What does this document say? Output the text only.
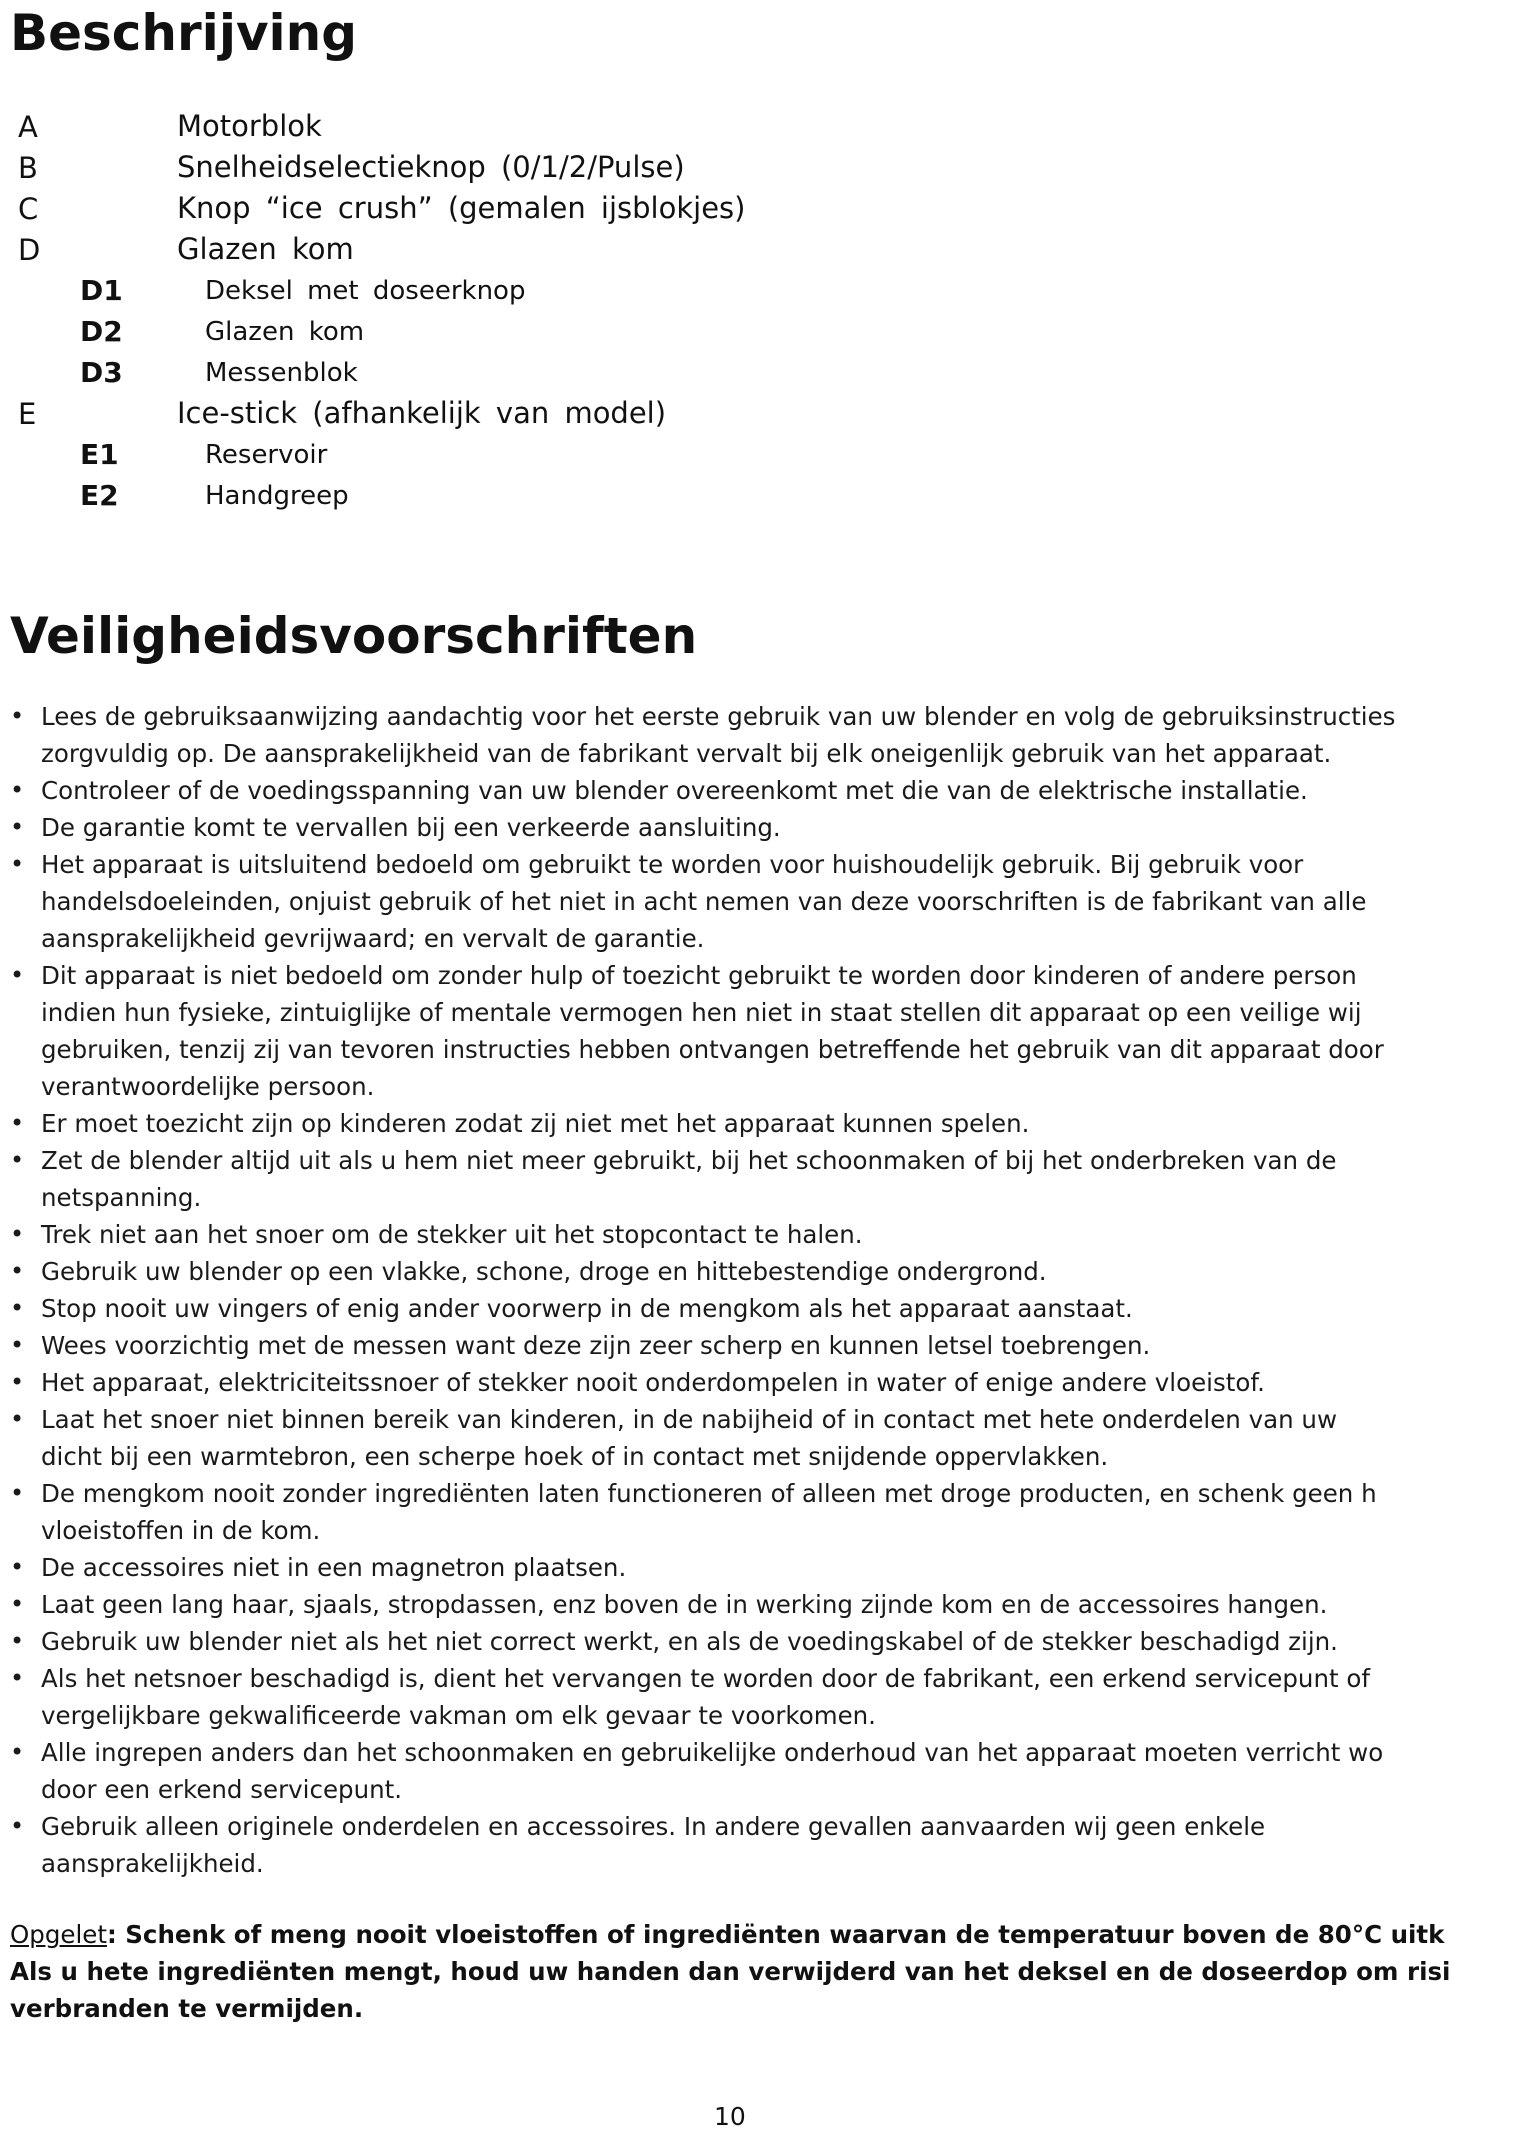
Beschrijving
A	Motorblok
B	Snelheidselectieknop (0/1/2/Pulse)
C	Knop “ice crush” (gemalen ijsblokjes)
D	Glazen kom
D1	Deksel met doseerknop
D2	Glazen kom
D3	Messenblok
E	Ice-stick (afhankelijk van model)
E1	Reservoir
E2	Handgreep
Veiligheidsvoorschriften
• Lees de gebruiksaanwijzing aandachtig voor het eerste gebruik van uw blender en volg de gebruiksinstructies
zorgvuldig op. De aansprakelijkheid van de fabrikant vervalt bij elk oneigenlijk gebruik van het apparaat.
• Controleer of de voedingsspanning van uw blender overeenkomt met die van de elektrische installatie.
• De garantie komt te vervallen bij een verkeerde aansluiting.
• Het apparaat is uitsluitend bedoeld om gebruikt te worden voor huishoudelijk gebruik. Bij gebruik voor
handelsdoeleinden, onjuist gebruik of het niet in acht nemen van deze voorschriften is de fabrikant van alle
aansprakelijkheid gevrijwaard; en vervalt de garantie.
• Dit apparaat is niet bedoeld om zonder hulp of toezicht gebruikt te worden door kinderen of andere person
indien hun fysieke, zintuiglijke of mentale vermogen hen niet in staat stellen dit apparaat op een veilige wij
gebruiken, tenzij zij van tevoren instructies hebben ontvangen betreffende het gebruik van dit apparaat door
verantwoordelijke persoon.
• Er moet toezicht zijn op kinderen zodat zij niet met het apparaat kunnen spelen.
• Zet de blender altijd uit als u hem niet meer gebruikt, bij het schoonmaken of bij het onderbreken van de
netspanning.
• Trek niet aan het snoer om de stekker uit het stopcontact te halen.
• Gebruik uw blender op een vlakke, schone, droge en hittebestendige ondergrond.
• Stop nooit uw vingers of enig ander voorwerp in de mengkom als het apparaat aanstaat.
• Wees voorzichtig met de messen want deze zijn zeer scherp en kunnen letsel toebrengen.
• Het apparaat, elektriciteitssnoer of stekker nooit onderdompelen in water of enige andere vloeistof.
• Laat het snoer niet binnen bereik van kinderen, in de nabijheid of in contact met hete onderdelen van uw
dicht bij een warmtebron, een scherpe hoek of in contact met snijdende oppervlakken.
• De mengkom nooit zonder ingrediënten laten functioneren of alleen met droge producten, en schenk geen h
vloeistoffen in de kom.
• De accessoires niet in een magnetron plaatsen.
• Laat geen lang haar, sjaals, stropdassen, enz boven de in werking zijnde kom en de accessoires hangen.
• Gebruik uw blender niet als het niet correct werkt, en als de voedingskabel of de stekker beschadigd zijn.
• Als het netsnoer beschadigd is, dient het vervangen te worden door de fabrikant, een erkend servicepunt of
vergelijkbare gekwalificeerde vakman om elk gevaar te voorkomen.
• Alle ingrepen anders dan het schoonmaken en gebruikelijke onderhoud van het apparaat moeten verricht wo
door een erkend servicepunt.
• Gebruik alleen originele onderdelen en accessoires. In andere gevallen aanvaarden wij geen enkele
aansprakelijkheid.
Opgelet: Schenk of meng nooit vloeistoffen of ingrediënten waarvan de temperatuur boven de 80°C uitk
Als u hete ingrediënten mengt, houd uw handen dan verwijderd van het deksel en de doseerdop om risi
verbranden te vermijden.
10
